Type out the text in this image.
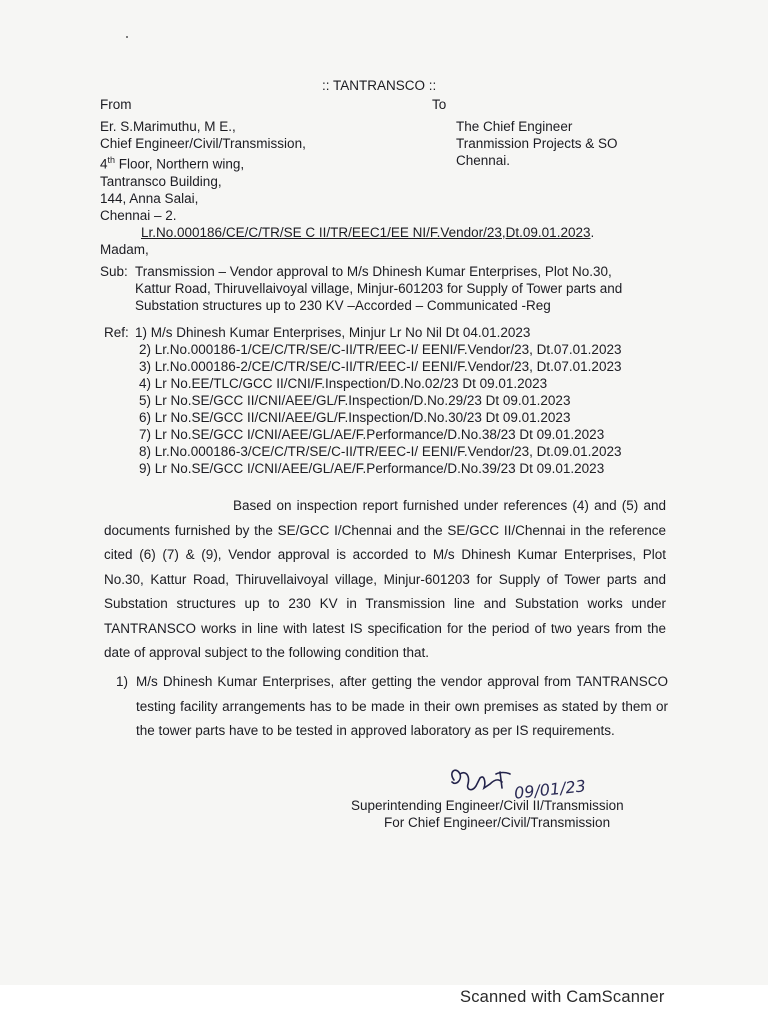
:: TANTRANSCO ::
From	To
Er. S.Marimuthu, M E.,
Chief Engineer/Civil/Transmission,
4th Floor, Northern wing,
Tantransco Building,
144, Anna Salai,
Chennai – 2.
The Chief Engineer
Tranmission Projects & SO
Chennai.
Lr.No.000186/CE/C/TR/SE C II/TR/EEC1/EE NI/F.Vendor/23,Dt.09.01.2023.
Madam,
Sub: Transmission – Vendor approval to M/s Dhinesh Kumar Enterprises, Plot No.30,
Kattur Road, Thiruvellaivoyal village, Minjur-601203 for Supply of Tower parts and
Substation structures up to 230 KV –Accorded – Communicated -Reg
Ref: 1) M/s Dhinesh Kumar Enterprises, Minjur Lr No Nil Dt 04.01.2023
2) Lr.No.000186-1/CE/C/TR/SE/C-II/TR/EEC-I/ EENI/F.Vendor/23, Dt.07.01.2023
3) Lr.No.000186-2/CE/C/TR/SE/C-II/TR/EEC-I/ EENI/F.Vendor/23, Dt.07.01.2023
4) Lr No.EE/TLC/GCC II/CNI/F.Inspection/D.No.02/23 Dt 09.01.2023
5) Lr No.SE/GCC II/CNI/AEE/GL/F.Inspection/D.No.29/23 Dt 09.01.2023
6) Lr No.SE/GCC II/CNI/AEE/GL/F.Inspection/D.No.30/23 Dt 09.01.2023
7) Lr No.SE/GCC I/CNI/AEE/GL/AE/F.Performance/D.No.38/23 Dt 09.01.2023
8) Lr.No.000186-3/CE/C/TR/SE/C-II/TR/EEC-I/ EENI/F.Vendor/23, Dt.09.01.2023
9) Lr No.SE/GCC I/CNI/AEE/GL/AE/F.Performance/D.No.39/23 Dt 09.01.2023
Based on inspection report furnished under references (4) and (5) and documents furnished by the SE/GCC I/Chennai and the SE/GCC II/Chennai in the reference cited (6) (7) & (9), Vendor approval is accorded to M/s Dhinesh Kumar Enterprises, Plot No.30, Kattur Road, Thiruvellaivoyal village, Minjur-601203 for Supply of Tower parts and Substation structures up to 230 KV in Transmission line and Substation works under TANTRANSCO works in line with latest IS specification for the period of two years from the date of approval subject to the following condition that.
1) M/s Dhinesh Kumar Enterprises, after getting the vendor approval from TANTRANSCO testing facility arrangements has to be made in their own premises as stated by them or the tower parts have to be tested in approved laboratory as per IS requirements.
09/01/23
Superintending Engineer/Civil II/Transmission
For Chief Engineer/Civil/Transmission
Scanned with CamScanner
